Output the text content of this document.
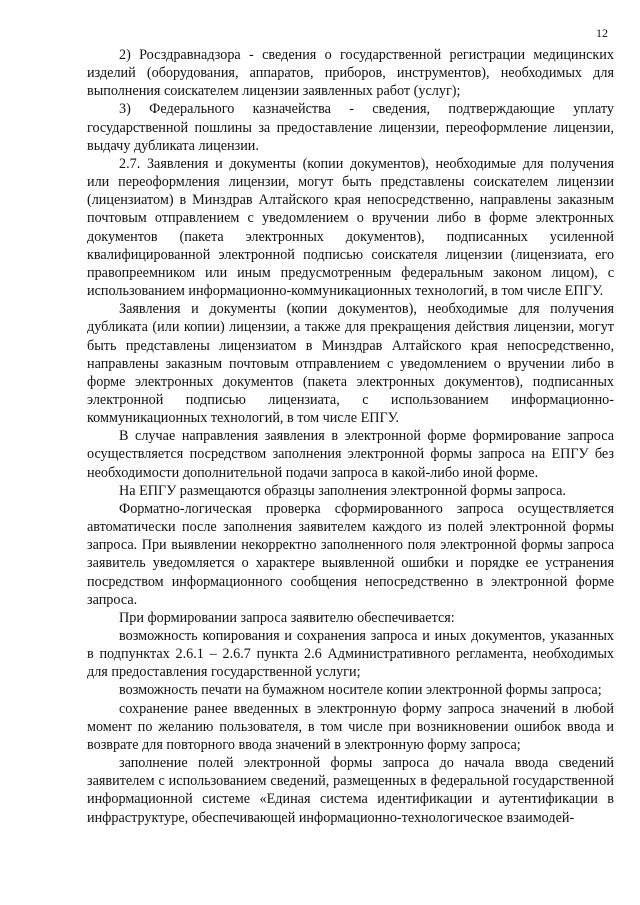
12

2) Росздравнадзора - сведения о государственной регистрации медицинских изделий (оборудования, аппаратов, приборов, инструментов), необходимых для выполнения соискателем лицензии заявленных работ (услуг);

3) Федерального казначейства - сведения, подтверждающие уплату государственной пошлины за предоставление лицензии, переоформление лицензии, выдачу дубликата лицензии.

2.7. Заявления и документы (копии документов), необходимые для получения или переоформления лицензии, могут быть представлены соискателем лицензии (лицензиатом) в Минздрав Алтайского края непосредственно, направлены заказным почтовым отправлением с уведомлением о вручении либо в форме электронных документов (пакета электронных документов), подписанных усиленной квалифицированной электронной подписью соискателя лицензии (лицензиата, его правопреемником или иным предусмотренным федеральным законом лицом), с использованием информационно-коммуникационных технологий, в том числе ЕПГУ.

Заявления и документы (копии документов), необходимые для получения дубликата (или копии) лицензии, а также для прекращения действия лицензии, могут быть представлены лицензиатом в Минздрав Алтайского края непосредственно, направлены заказным почтовым отправлением с уведомлением о вручении либо в форме электронных документов (пакета электронных документов), подписанных электронной подписью лицензиата, с использованием информационно-коммуникационных технологий, в том числе ЕПГУ.

В случае направления заявления в электронной форме формирование запроса осуществляется посредством заполнения электронной формы запроса на ЕПГУ без необходимости дополнительной подачи запроса в какой-либо иной форме.

На ЕПГУ размещаются образцы заполнения электронной формы запроса.

Форматно-логическая проверка сформированного запроса осуществляется автоматически после заполнения заявителем каждого из полей электронной формы запроса. При выявлении некорректно заполненного поля электронной формы запроса заявитель уведомляется о характере выявленной ошибки и порядке ее устранения посредством информационного сообщения непосредственно в электронной форме запроса.

При формировании запроса заявителю обеспечивается:

возможность копирования и сохранения запроса и иных документов, указанных в подпунктах 2.6.1 – 2.6.7 пункта 2.6 Административного регламента, необходимых для предоставления государственной услуги;

возможность печати на бумажном носителе копии электронной формы запроса;

сохранение ранее введенных в электронную форму запроса значений в любой момент по желанию пользователя, в том числе при возникновении ошибок ввода и возврате для повторного ввода значений в электронную форму запроса;

заполнение полей электронной формы запроса до начала ввода сведений заявителем с использованием сведений, размещенных в федеральной государственной информационной системе «Единая система идентификации и аутентификации в инфраструктуре, обеспечивающей информационно-технологическое взаимодей-
